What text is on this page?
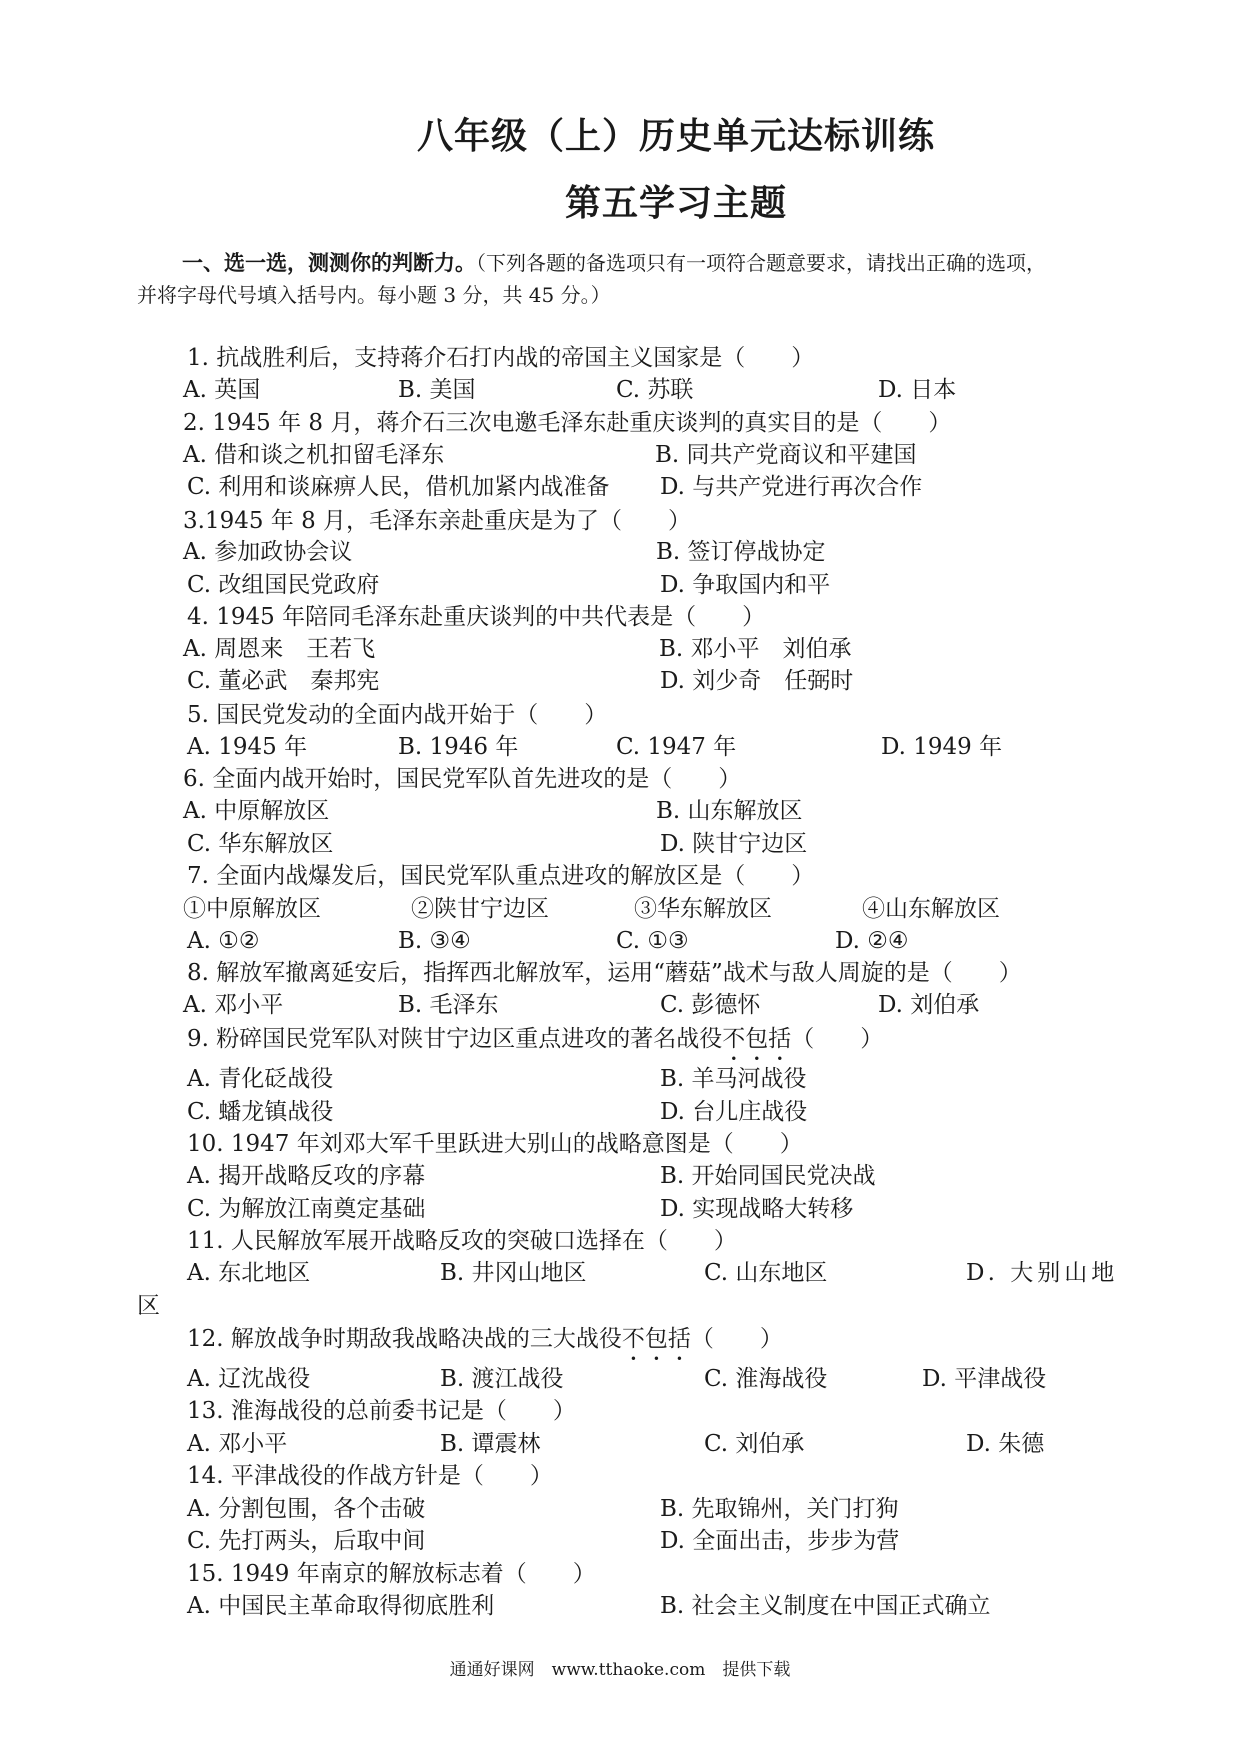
八年级（上）历史单元达标训练
第五学习主题
一、选一选，测测你的判断力。（下列各题的备选项只有一项符合题意要求，请找出正确的选项，
并将字母代号填入括号内。每小题 3 分，共 45 分。）
1. 抗战胜利后，支持蒋介石打内战的帝国主义国家是（　　）
A. 英国	B. 美国	C. 苏联	D. 日本
2. 1945 年 8 月，蒋介石三次电邀毛泽东赴重庆谈判的真实目的是（　　）
A. 借和谈之机扣留毛泽东	B. 同共产党商议和平建国
C. 利用和谈麻痹人民，借机加紧内战准备 D. 与共产党进行再次合作
3.1945 年 8 月，毛泽东亲赴重庆是为了（　　）
A. 参加政协会议	B. 签订停战协定
C. 改组国民党政府	D. 争取国内和平
4. 1945 年陪同毛泽东赴重庆谈判的中共代表是（　　）
A. 周恩来　王若飞	B. 邓小平　刘伯承
C. 董必武　秦邦宪	D. 刘少奇　任弼时
5. 国民党发动的全面内战开始于（　　）
A. 1945 年	B. 1946 年	C. 1947 年	D. 1949 年
6. 全面内战开始时，国民党军队首先进攻的是（　　）
A. 中原解放区	B. 山东解放区
C. 华东解放区	D. 陕甘宁边区
7. 全面内战爆发后，国民党军队重点进攻的解放区是（　　）
①中原解放区	②陕甘宁边区	③华东解放区	④山东解放区
A. ①②	B. ③④	C. ①③	D. ②④
8. 解放军撤离延安后，指挥西北解放军，运用“蘑菇”战术与敌人周旋的是（　　）
A. 邓小平	B. 毛泽东	C. 彭德怀	D. 刘伯承
9. 粉碎国民党军队对陕甘宁边区重点进攻的著名战役不包括（　　）
A. 青化砭战役	B. 羊马河战役
C. 蟠龙镇战役	D. 台儿庄战役
10. 1947 年刘邓大军千里跃进大别山的战略意图是（　　）
A. 揭开战略反攻的序幕	B. 开始同国民党决战
C. 为解放江南奠定基础	D. 实现战略大转移
11. 人民解放军展开战略反攻的突破口选择在（　　）
A. 东北地区	B. 井冈山地区	C. 山东地区	D. 大别山地
区
12. 解放战争时期敌我战略决战的三大战役不包括（　　）
A. 辽沈战役	B. 渡江战役	C. 淮海战役	D. 平津战役
13. 淮海战役的总前委书记是（　　）
A. 邓小平	B. 谭震林	C. 刘伯承	D. 朱德
14. 平津战役的作战方针是（　　）
A. 分割包围，各个击破	B. 先取锦州，关门打狗
C. 先打两头，后取中间	D. 全面出击，步步为营
15. 1949 年南京的解放标志着（　　）
A. 中国民主革命取得彻底胜利	B. 社会主义制度在中国正式确立
通通好课网　www.tthaoke.com　提供下载
